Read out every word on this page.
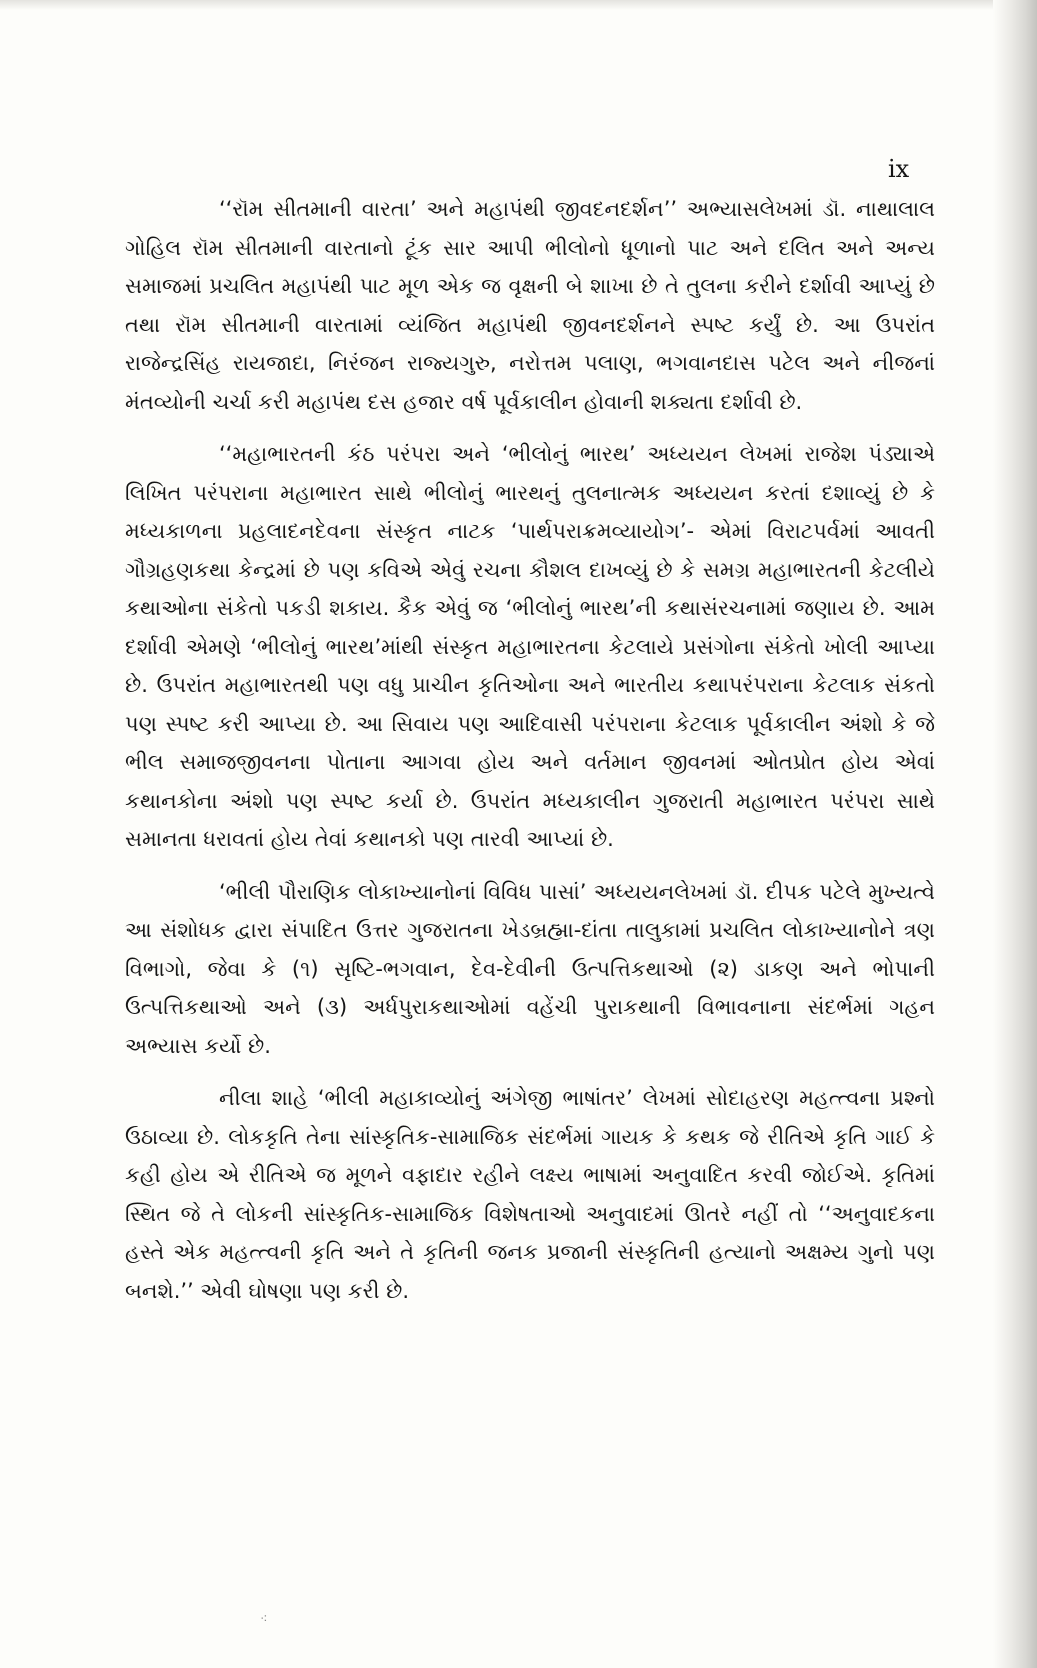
ix

‘‘રૉમ સીતમાની વારતા’ અને મહાપંથી જીવદનદર્શન’’ અભ્યાસલેખમાં ડૉ. નાથાલાલ ગોહિલ રૉમ સીતમાની વારતાનો ટૂંક સાર આપી ભીલોનો ધૂળાનો પાટ અને દલિત અને અન્ય સમાજમાં પ્રચલિત મહાપંથી પાટ મૂળ એક જ વૃક્ષની બે શાખા છે તે તુલના કરીને દર્શાવી આપ્યું છે તથા રૉમ સીતમાની વારતામાં વ્યંજિત મહાપંથી જીવનદર્શનને સ્પષ્ટ કર્યું છે. આ ઉપરાંત રાજેન્દ્રસિંહ રાયજાદા, નિરંજન રાજ્યગુરુ, નરોત્તમ પલાણ, ભગવાનદાસ પટેલ અને નીજનાં મંતવ્યોની ચર્ચા કરી મહાપંથ દસ હજાર વર્ષ પૂર્વકાલીન હોવાની શક્યતા દર્શાવી છે.

‘‘મહાભારતની કંઠ પરંપરા અને ‘ભીલોનું ભારથ’ અધ્યયન લેખમાં રાજેશ પંડ્યાએ લિખિત પરંપરાના મહાભારત સાથે ભીલોનું ભારથનું તુલનાત્મક અધ્યયન કરતાં દશાવ્યું છે કે મધ્યકાળના પ્રહલાદનદેવના સંસ્કૃત નાટક ‘પાર્થપરાક્રમવ્યાયોગ’- એમાં વિરાટપર્વમાં આવતી ગૌગ્રહણકથા કેન્દ્રમાં છે પણ કવિએ એવું રચના કૌશલ દાખવ્યું છે કે સમગ્ર મહાભારતની કેટલીયે કથાઓના સંકેતો પકડી શકાય. કૈક એવું જ ‘ભીલોનું ભારથ’ની કથાસંરચનામાં જણાય છે. આમ દર્શાવી એમણે ‘ભીલોનું ભારથ’માંથી સંસ્કૃત મહાભારતના કેટલાયે પ્રસંગોના સંકેતો ખોલી આપ્યા છે. ઉપરાંત મહાભારતથી પણ વધુ પ્રાચીન કૃતિઓના અને ભારતીય કથાપરંપરાના કેટલાક સંકતો પણ સ્પષ્ટ કરી આપ્યા છે. આ સિવાય પણ આદિવાસી પરંપરાના કેટલાક પૂર્વકાલીન અંશો કે જે ભીલ સમાજજીવનના પોતાના આગવા હોય અને વર્તમાન જીવનમાં ઓતપ્રોત હોય એવાં કથાનકોના અંશો પણ સ્પષ્ટ કર્યા છે. ઉપરાંત મધ્યકાલીન ગુજરાતી મહાભારત પરંપરા સાથે સમાનતા ધરાવતાં હોય તેવાં કથાનકો પણ તારવી આપ્યાં છે.

‘ભીલી પૌરાણિક લોકાખ્યાનોનાં વિવિધ પાસાં’ અધ્યયનલેખમાં ડૉ. દીપક પટેલે મુખ્યત્વે આ સંશોધક દ્વારા સંપાદિત ઉત્તર ગુજરાતના ખેડબ્રહ્મા-દાંતા તાલુકામાં પ્રચલિત લોકાખ્યાનોને ત્રણ વિભાગો, જેવા કે (૧) સૃષ્ટિ-ભગવાન, દેવ-દેવીની ઉત્પત્તિકથાઓ (૨) ડાકણ અને ભોપાની ઉત્પત્તિકથાઓ અને (૩) અર્ધપુરાકથાઓમાં વહેંચી પુરાકથાની વિભાવનાના સંદર્ભમાં ગહન અભ્યાસ કર્યો છે.

નીલા શાહે ‘ભીલી મહાકાવ્યોનું અંગેજી ભાષાંતર’ લેખમાં સોદાહરણ મહત્ત્વના પ્રશ્નો ઉઠાવ્યા છે. લોકકૃતિ તેના સાંસ્કૃતિક-સામાજિક સંદર્ભમાં ગાયક કે કથક જે રીતિએ કૃતિ ગાઈ કે કહી હોય એ રીતિએ જ મૂળને વફાદાર રહીને લક્ષ્ય ભાષામાં અનુવાદિત કરવી જોઈએ. કૃતિમાં સ્થિત જે તે લોકની સાંસ્કૃતિક-સામાજિક વિશેષતાઓ અનુવાદમાં ઊતરે નહીં તો ‘‘અનુવાદકના હસ્તે એક મહત્ત્વની કૃતિ અને તે કૃતિની જનક પ્રજાની સંસ્કૃતિની હત્યાનો અક્ષમ્ય ગુનો પણ બનશે.’’ એવી ઘોષણા પણ કરી છે.

⁖
